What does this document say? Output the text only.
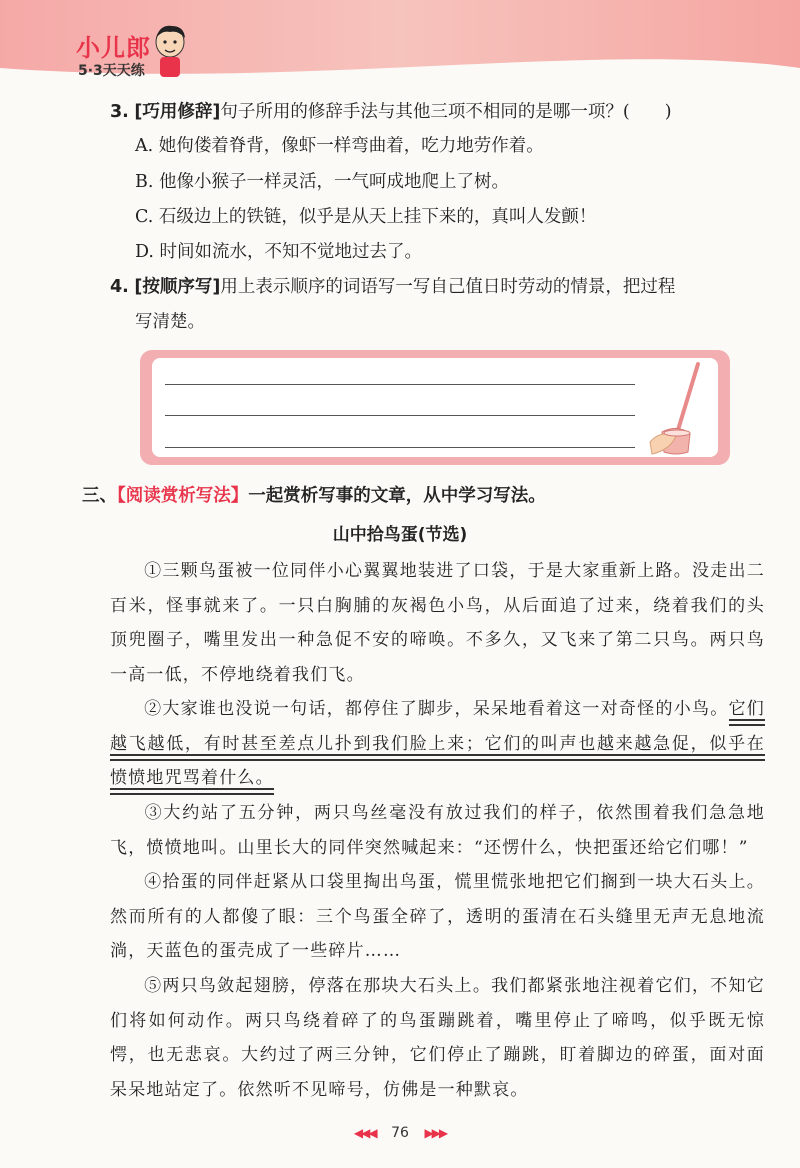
小儿郎
5·3天天练
3. [巧用修辞]句子所用的修辞手法与其他三项不相同的是哪一项？(　　)
A. 她佝偻着脊背，像虾一样弯曲着，吃力地劳作着。
B. 他像小猴子一样灵活，一气呵成地爬上了树。
C. 石级边上的铁链，似乎是从天上挂下来的，真叫人发颤！
D. 时间如流水，不知不觉地过去了。
4. [按顺序写]用上表示顺序的词语写一写自己值日时劳动的情景，把过程
写清楚。
三、【阅读赏析写法】一起赏析写事的文章，从中学习写法。
山中拾鸟蛋(节选)
①三颗鸟蛋被一位同伴小心翼翼地装进了口袋，于是大家重新上路。没走出二百米，怪事就来了。一只白胸脯的灰褐色小鸟，从后面追了过来，绕着我们的头顶兜圈子，嘴里发出一种急促不安的啼唤。不多久，又飞来了第二只鸟。两只鸟一高一低，不停地绕着我们飞。
②大家谁也没说一句话，都停住了脚步，呆呆地看着这一对奇怪的小鸟。它们越飞越低，有时甚至差点儿扑到我们脸上来；它们的叫声也越来越急促，似乎在愤愤地咒骂着什么。
③大约站了五分钟，两只鸟丝毫没有放过我们的样子，依然围着我们急急地飞，愤愤地叫。山里长大的同伴突然喊起来：“还愣什么，快把蛋还给它们哪！”
④拾蛋的同伴赶紧从口袋里掏出鸟蛋，慌里慌张地把它们搁到一块大石头上。然而所有的人都傻了眼：三个鸟蛋全碎了，透明的蛋清在石头缝里无声无息地流淌，天蓝色的蛋壳成了一些碎片……
⑤两只鸟敛起翅膀，停落在那块大石头上。我们都紧张地注视着它们，不知它们将如何动作。两只鸟绕着碎了的鸟蛋蹦跳着，嘴里停止了啼鸣，似乎既无惊愕，也无悲哀。大约过了两三分钟，它们停止了蹦跳，盯着脚边的碎蛋，面对面呆呆地站定了。依然听不见啼号，仿佛是一种默哀。
◀◀◀ 76 ▶▶▶
